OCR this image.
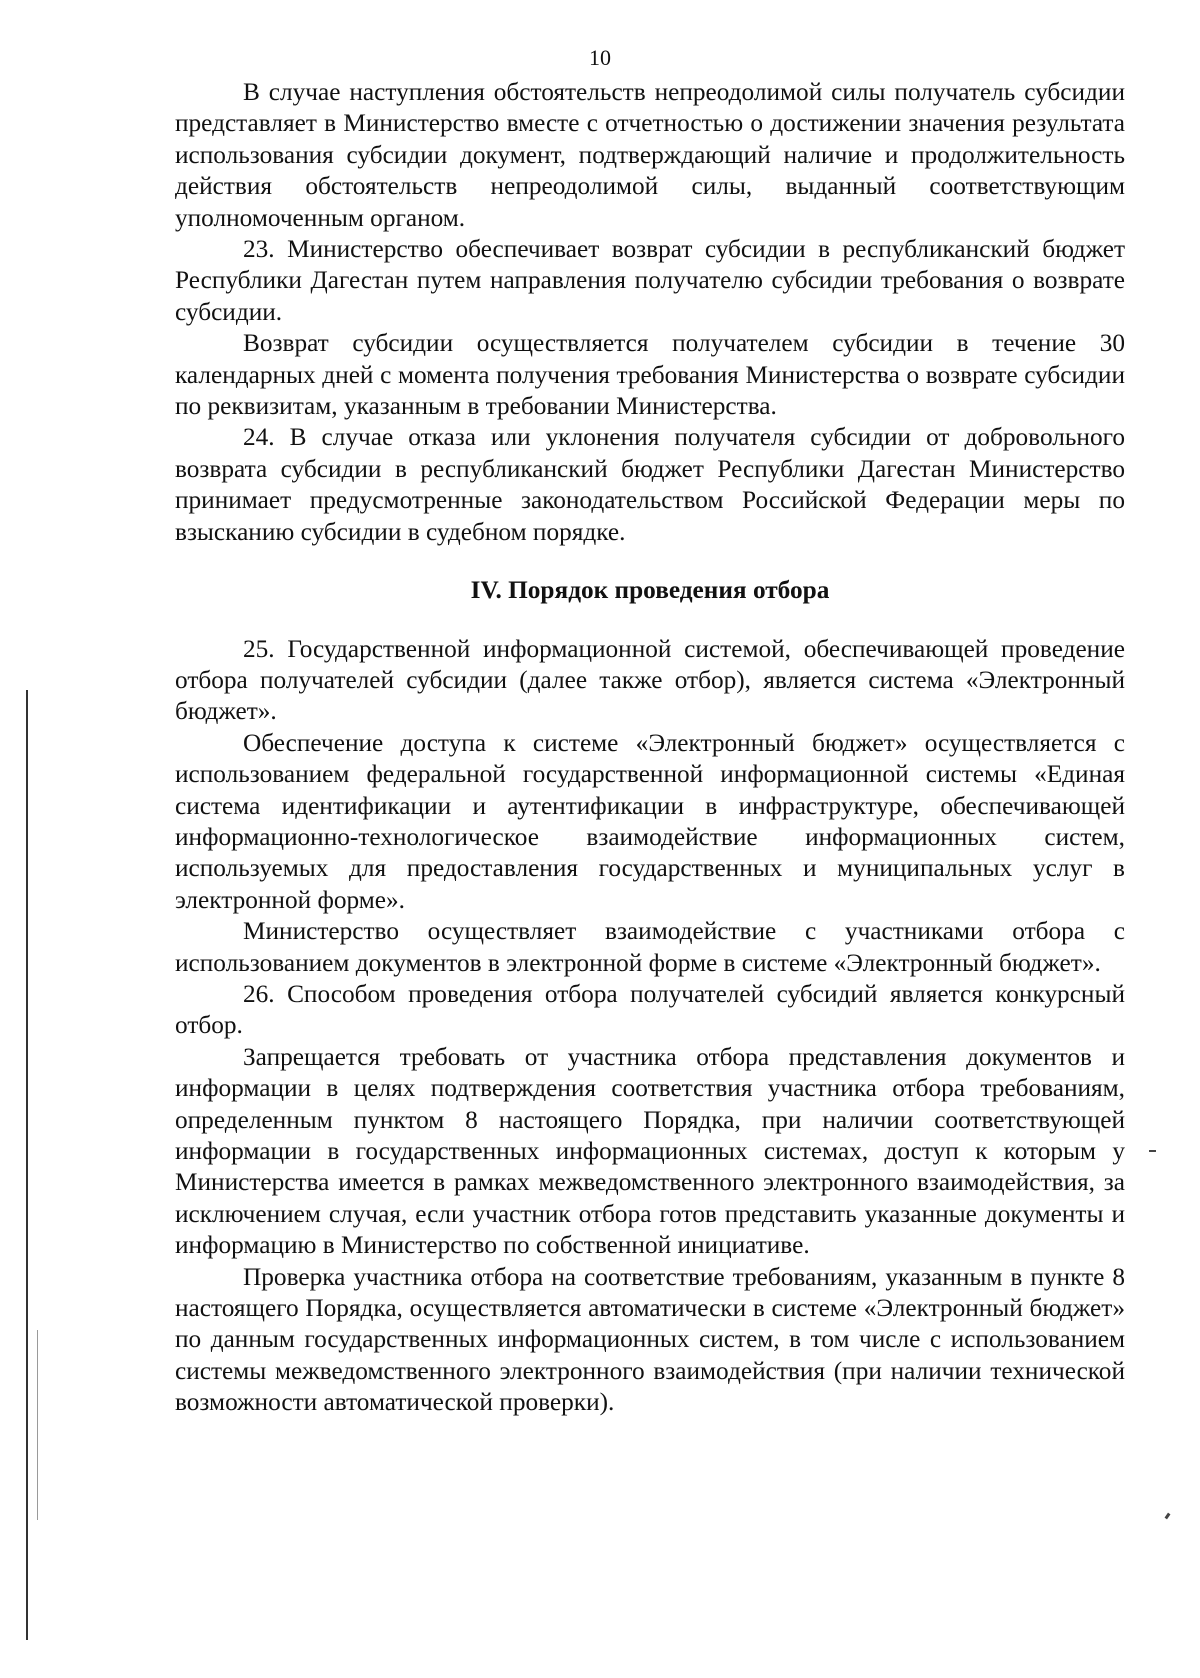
10

В случае наступления обстоятельств непреодолимой силы получатель субсидии представляет в Министерство вместе с отчетностью о достижении значения результата использования субсидии документ, подтверждающий наличие и продолжительность действия обстоятельств непреодолимой силы, выданный соответствующим уполномоченным органом.

23. Министерство обеспечивает возврат субсидии в республиканский бюджет Республики Дагестан путем направления получателю субсидии требования о возврате субсидии.

Возврат субсидии осуществляется получателем субсидии в течение 30 календарных дней с момента получения требования Министерства о возврате субсидии по реквизитам, указанным в требовании Министерства.

24. В случае отказа или уклонения получателя субсидии от добровольного возврата субсидии в республиканский бюджет Республики Дагестан Министерство принимает предусмотренные законодательством Российской Федерации меры по взысканию субсидии в судебном порядке.

IV. Порядок проведения отбора

25. Государственной информационной системой, обеспечивающей проведение отбора получателей субсидии (далее также отбор), является система «Электронный бюджет».

Обеспечение доступа к системе «Электронный бюджет» осуществляется с использованием федеральной государственной информационной системы «Единая система идентификации и аутентификации в инфраструктуре, обеспечивающей информационно-технологическое взаимодействие информационных систем, используемых для предоставления государственных и муниципальных услуг в электронной форме».

Министерство осуществляет взаимодействие с участниками отбора с использованием документов в электронной форме в системе «Электронный бюджет».

26. Способом проведения отбора получателей субсидий является конкурсный отбор.

Запрещается требовать от участника отбора представления документов и информации в целях подтверждения соответствия участника отбора требованиям, определенным пунктом 8 настоящего Порядка, при наличии соответствующей информации в государственных информационных системах, доступ к которым у Министерства имеется в рамках межведомственного электронного взаимодействия, за исключением случая, если участник отбора готов представить указанные документы и информацию в Министерство по собственной инициативе.

Проверка участника отбора на соответствие требованиям, указанным в пункте 8 настоящего Порядка, осуществляется автоматически в системе «Электронный бюджет» по данным государственных информационных систем, в том числе с использованием системы межведомственного электронного взаимодействия (при наличии технической возможности автоматической проверки).
